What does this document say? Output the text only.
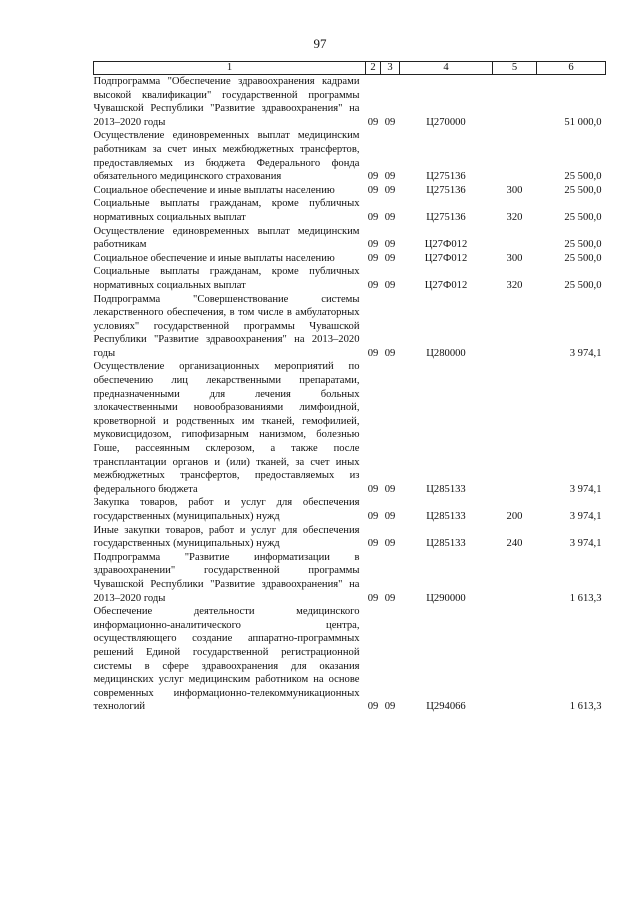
97
1	2	3	4	5	6
Подпрограмма "Обеспечение здравоохранения кадрами высокой квалификации" государственной программы Чувашской Республики "Развитие здравоохранения" на 2013–2020 годы	09	09	Ц270000		51 000,0
Осуществление единовременных выплат медицинским работникам за счет иных межбюджетных трансфертов, предоставляемых из бюджета Федерального фонда обязательного медицинского страхования	09	09	Ц275136		25 500,0
Социальное обеспечение и иные выплаты населению	09	09	Ц275136	300	25 500,0
Социальные выплаты гражданам, кроме публичных нормативных социальных выплат	09	09	Ц275136	320	25 500,0
Осуществление единовременных выплат медицинским работникам	09	09	Ц27Ф012		25 500,0
Социальное обеспечение и иные выплаты населению	09	09	Ц27Ф012	300	25 500,0
Социальные выплаты гражданам, кроме публичных нормативных социальных выплат	09	09	Ц27Ф012	320	25 500,0
Подпрограмма "Совершенствование системы лекарственного обеспечения, в том числе в амбулаторных условиях" государственной программы Чувашской Республики "Развитие здравоохранения" на 2013–2020 годы	09	09	Ц280000		3 974,1
Осуществление организационных мероприятий по обеспечению лиц лекарственными препаратами, предназначенными для лечения больных злокачественными новообразованиями лимфоидной, кроветворной и родственных им тканей, гемофилией, муковисцидозом, гипофизарным нанизмом, болезнью Гоше, рассеянным склерозом, а также после трансплантации органов и (или) тканей, за счет иных межбюджетных трансфертов, предоставляемых из федерального бюджета	09	09	Ц285133		3 974,1
Закупка товаров, работ и услуг для обеспечения государственных (муниципальных) нужд	09	09	Ц285133	200	3 974,1
Иные закупки товаров, работ и услуг для обеспечения государственных (муниципальных) нужд	09	09	Ц285133	240	3 974,1
Подпрограмма "Развитие информатизации в здравоохранении" государственной программы Чувашской Республики "Развитие здравоохранения" на 2013–2020 годы	09	09	Ц290000		1 613,3
Обеспечение деятельности медицинского информационно-аналитического центра, осуществляющего создание аппаратно-программных решений Единой государственной регистрационной системы в сфере здравоохранения для оказания медицинских услуг медицинским работником на основе современных информационно-телекоммуникационных технологий	09	09	Ц294066		1 613,3
